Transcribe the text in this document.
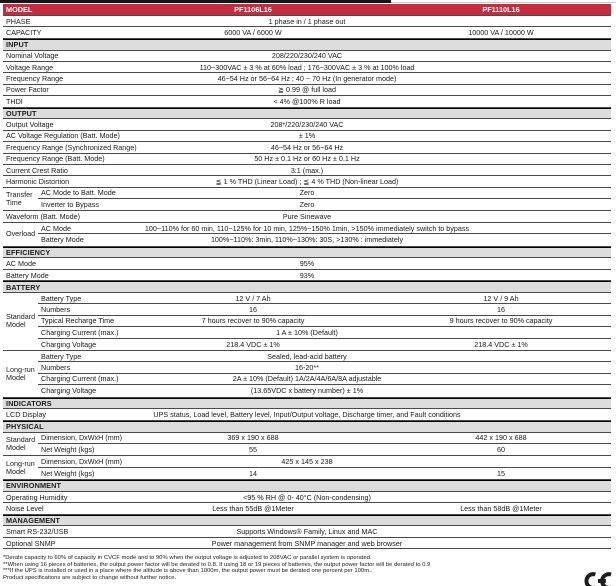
MODEL	PF1106L16	PF1110L16
PHASE	1 phase in / 1 phase out
CAPACITY	6000 VA / 6000 W	10000 VA / 10000 W
INPUT
Nominal Voltage	208/220/230/240 VAC
Voltage Range	110~300VAC ± 3 % at 60% load ; 176~300VAC ± 3 % at 100% load
Frequency Range	46~54 Hz or 56~64 Hz ; 40 ~ 70 Hz (In generator mode)
Power Factor	≧ 0.99 @ full load
THDI	< 4% @100% R load
OUTPUT
Output Voltage	208*/220/230/240 VAC
AC Voltage Regulation (Batt. Mode)	± 1%
Frequency Range (Synchronized Range)	46~54 Hz or 56~64 Hz
Frequency Range (Batt. Mode)	50 Hz ± 0.1 Hz or 60 Hz ± 0.1 Hz
Current Crest Ratio	3:1 (max.)
Harmonic Distortion	≦ 1 % THD (Linear Load) ; ≦ 4 % THD (Non-linear Load)
Transfer Time
AC Mode to Batt. Mode	Zero
Inverter to Bypass	Zero
Waveform (Batt. Mode)	Pure Sinewave
Overload
AC Mode	100~110% for 60 min, 110~125% for 10 min, 125%~150% 1min, >150% immediately switch to bypass
Battery Mode	100%~110%: 3min, 110%~130%: 30S, >130% : immediately
EFFICIENCY
AC Mode	95%
Battery Mode	93%
BATTERY
Standard Model
Battery Type	12 V / 7 Ah	12 V / 9 Ah
Numbers	16	16
Typical Recharge Time	7 hours recover to 90% capacity	9 hours recover to 90% capacity
Charging Current (max.)	1 A ± 10% (Default)
Charging Voltage	218.4 VDC ± 1%	218.4 VDC ± 1%
Long-run Model
Battery Type	Sealed, lead-acid battery
Numbers	16-20**
Charging Current (max.)	2A ± 10% (Default) 1A/2A/4A/6A/8A adjustable
Charging Voltage	(13.65VDC x battery number) ± 1%
INDICATORS
LCD Display	UPS status, Load level, Battery level, Input/Output voltage, Discharge timer, and Fault conditions
PHYSICAL
Standard Model
Dimension, DxWxH (mm)	369 x 190 x 688	442 x 190 x 688
Net Weight (kgs)	55	60
Long-run Model
Dimension, DxWxH (mm)	425 x 145 x 238
Net Weight (kgs)	14	15
ENVIRONMENT
Operating Humidity	<95 % RH @ 0- 40°C (Non-condensing)
Noise Level	Less than 55dB @1Meter	Less than 58dB @1Meter
MANAGEMENT
Smart RS-232/USB	Supports Windows® Family, Linux and MAC
Optional SNMP	Power management from SNMP manager and web browser
*Derate capacity to 60% of capacity in CVCF mode and to 90% when the output voltage is adjusted to 208VAC or parallel system is operated.
**When using 16 pieces of batteries, the output power factor will be derated to 0.8. If using 18 or 19 pieces of batteries, the output power factor will be derated to 0.9
***If the UPS is installed or used in a place where the altitude is above than 1000m, the output power must be derated one percent per 100m..
Product specifications are subject to change without further notice.
